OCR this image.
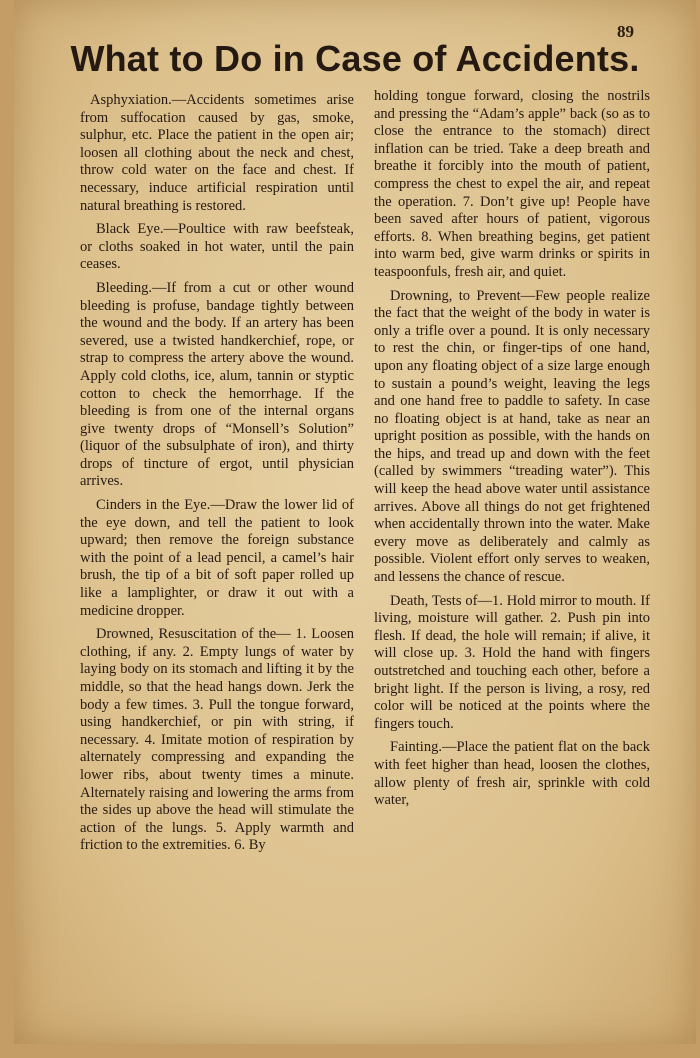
89
What to Do in Case of Accidents.

Asphyxiation.—Accidents sometimes arise from suffocation caused by gas, smoke, sulphur, etc. Place the patient in the open air; loosen all clothing about the neck and chest, throw cold water on the face and chest. If necessary, induce artificial respiration until natural breathing is restored.

Black Eye.—Poultice with raw beefsteak, or cloths soaked in hot water, until the pain ceases.

Bleeding.—If from a cut or other wound bleeding is profuse, bandage tightly between the wound and the body. If an artery has been severed, use a twisted handkerchief, rope, or strap to compress the artery above the wound. Apply cold cloths, ice, alum, tannin or styptic cotton to check the hemorrhage. If the bleeding is from one of the internal organs give twenty drops of “Monsell’s Solution” (liquor of the subsulphate of iron), and thirty drops of tincture of ergot, until physician arrives.

Cinders in the Eye.—Draw the lower lid of the eye down, and tell the patient to look upward; then remove the foreign substance with the point of a lead pencil, a camel’s hair brush, the tip of a bit of soft paper rolled up like a lamplighter, or draw it out with a medicine dropper.

Drowned, Resuscitation of the— 1. Loosen clothing, if any. 2. Empty lungs of water by laying body on its stomach and lifting it by the middle, so that the head hangs down. Jerk the body a few times. 3. Pull the tongue forward, using handkerchief, or pin with string, if necessary. 4. Imitate motion of respiration by alternately compressing and expanding the lower ribs, about twenty times a minute. Alternately raising and lowering the arms from the sides up above the head will stimulate the action of the lungs. 5. Apply warmth and friction to the extremities. 6. By

holding tongue forward, closing the nostrils and pressing the “Adam’s apple” back (so as to close the entrance to the stomach) direct inflation can be tried. Take a deep breath and breathe it forcibly into the mouth of patient, compress the chest to expel the air, and repeat the operation. 7. Don’t give up! People have been saved after hours of patient, vigorous efforts. 8. When breathing begins, get patient into warm bed, give warm drinks or spirits in teaspoonfuls, fresh air, and quiet.

Drowning, to Prevent—Few people realize the fact that the weight of the body in water is only a trifle over a pound. It is only necessary to rest the chin, or finger-tips of one hand, upon any floating object of a size large enough to sustain a pound’s weight, leaving the legs and one hand free to paddle to safety. In case no floating object is at hand, take as near an upright position as possible, with the hands on the hips, and tread up and down with the feet (called by swimmers “treading water”). This will keep the head above water until assistance arrives. Above all things do not get frightened when accidentally thrown into the water. Make every move as deliberately and calmly as possible. Violent effort only serves to weaken, and lessens the chance of rescue.

Death, Tests of—1. Hold mirror to mouth. If living, moisture will gather. 2. Push pin into flesh. If dead, the hole will remain; if alive, it will close up. 3. Hold the hand with fingers outstretched and touching each other, before a bright light. If the person is living, a rosy, red color will be noticed at the points where the fingers touch.

Fainting.—Place the patient flat on the back with feet higher than head, loosen the clothes, allow plenty of fresh air, sprinkle with cold water,
